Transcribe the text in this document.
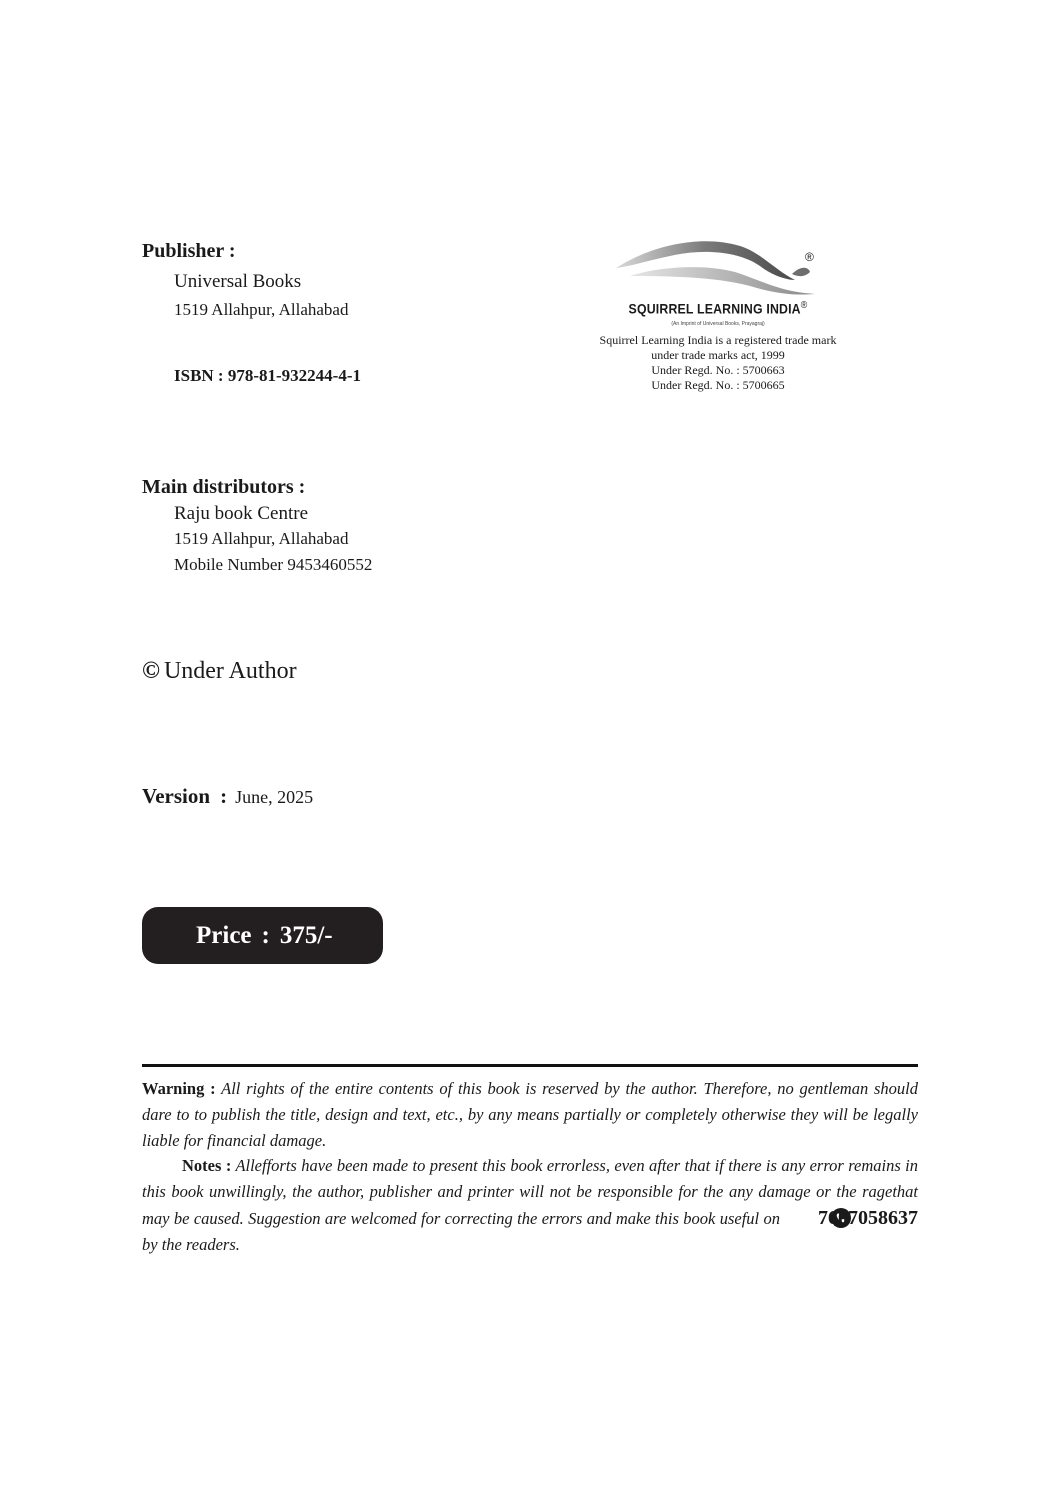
Publisher :
Universal Books
1519 Allahpur, Allahabad
ISBN : 978-81-932244-4-1
®
SQUIRREL LEARNING INDIA®
(An Imprint of Universal Books, Prayagraj)
Squirrel Learning India is a registered trade mark
under trade marks act, 1999
Under Regd. No. : 5700663
Under Regd. No. : 5700665
Main distributors :
Raju book Centre
1519 Allahpur, Allahabad
Mobile Number 9453460552
© Under Author
Version : June, 2025
Price : 375/-
Warning : All rights of the entire contents of this book is reserved by the author. Therefore, no gentleman should dare to to publish the title, design and text, etc., by any means partially or completely otherwise they will be legally liable for financial damage.
Notes : Allefforts have been made to present this book errorless, even after that if there is any error remains in this book unwillingly, the author, publisher and printer will not be responsible for the any damage or the ragethat may be caused. Suggestion are welcomed for correcting the errors and make this book useful on 7607058637 by the readers.
